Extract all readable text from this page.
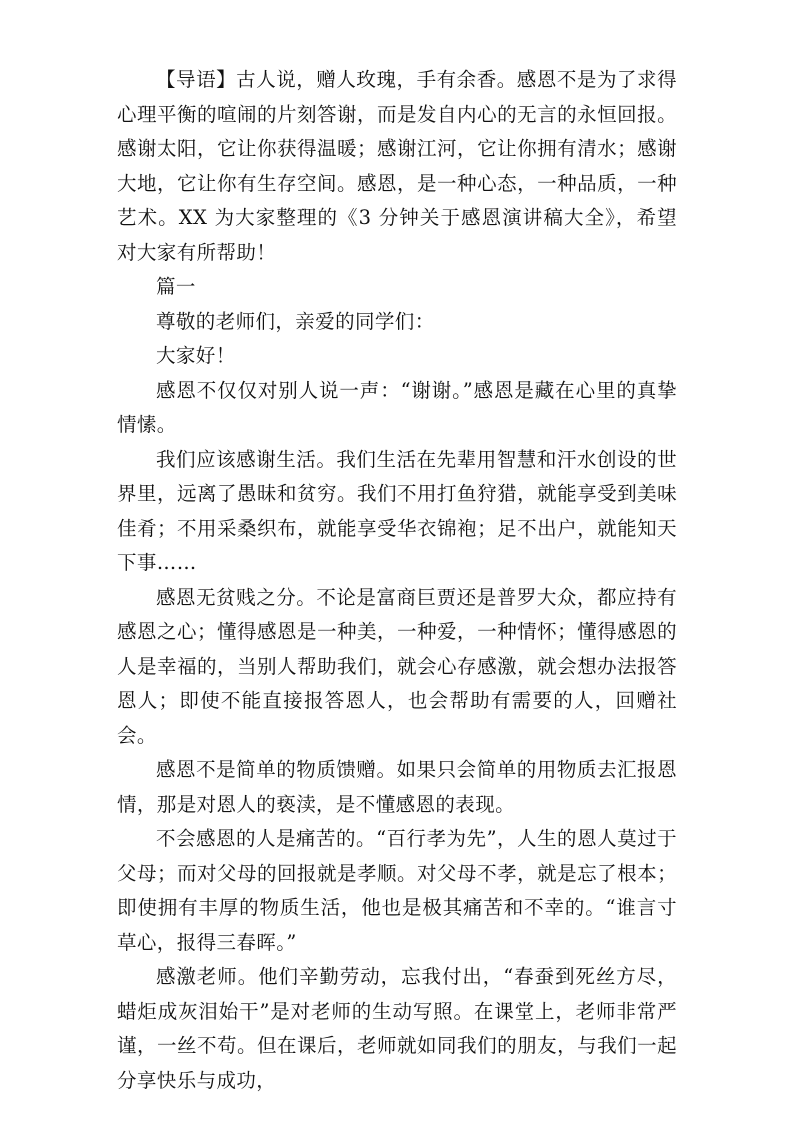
【导语】古人说，赠人玫瑰，手有余香。感恩不是为了求得心理平衡的喧闹的片刻答谢，而是发自内心的无言的永恒回报。感谢太阳，它让你获得温暖；感谢江河，它让你拥有清水；感谢大地，它让你有生存空间。感恩，是一种心态，一种品质，一种艺术。XX 为大家整理的《3 分钟关于感恩演讲稿大全》，希望对大家有所帮助！

篇一

尊敬的老师们，亲爱的同学们：

大家好！

感恩不仅仅对别人说一声：“谢谢。”感恩是藏在心里的真挚情愫。

我们应该感谢生活。我们生活在先辈用智慧和汗水创设的世界里，远离了愚昧和贫穷。我们不用打鱼狩猎，就能享受到美味佳肴；不用采桑织布，就能享受华衣锦袍；足不出户，就能知天下事……

感恩无贫贱之分。不论是富商巨贾还是普罗大众，都应持有感恩之心；懂得感恩是一种美，一种爱，一种情怀；懂得感恩的人是幸福的，当别人帮助我们，就会心存感激，就会想办法报答恩人；即使不能直接报答恩人，也会帮助有需要的人，回赠社会。

感恩不是简单的物质馈赠。如果只会简单的用物质去汇报恩情，那是对恩人的亵渎，是不懂感恩的表现。

不会感恩的人是痛苦的。“百行孝为先”，人生的恩人莫过于父母；而对父母的回报就是孝顺。对父母不孝，就是忘了根本；即使拥有丰厚的物质生活，他也是极其痛苦和不幸的。“谁言寸草心，报得三春晖。”

感激老师。他们辛勤劳动，忘我付出，“春蚕到死丝方尽，蜡炬成灰泪始干”是对老师的生动写照。在课堂上，老师非常严谨，一丝不苟。但在课后，老师就如同我们的朋友，与我们一起分享快乐与成功，
